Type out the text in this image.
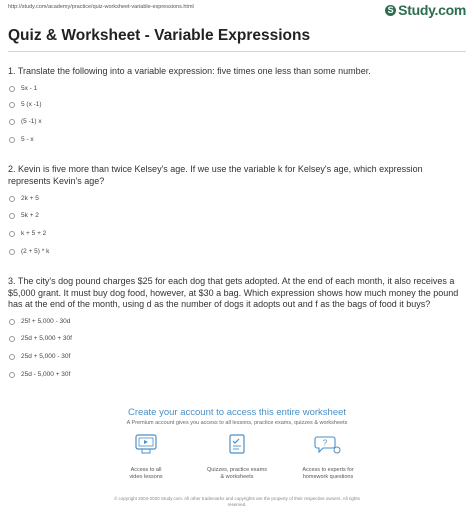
http://study.com/academy/practice/quiz-worksheet-variable-expressions.html	S Study.com
Quiz & Worksheet - Variable Expressions

1. Translate the following into a variable expression: five times one less than some number.

5x - 1
5 (x -1)
(5 -1) x
5 - x

2. Kevin is five more than twice Kelsey's age. If we use the variable k for Kelsey's age, which expression represents Kevin's age?

2k + 5
5k + 2
k + 5 + 2
(2 + 5) * k

3. The city's dog pound charges $25 for each dog that gets adopted. At the end of each month, it also receives a $5,000 grant. It must buy dog food, however, at $30 a bag. Which expression shows how much money the pound has at the end of the month, using d as the number of dogs it adopts out and f as the bags of food it buys?

25f + 5,000 - 30d
25d + 5,000 + 30f
25d + 5,000 - 30f
25d - 5,000 + 30f
Create your account to access this entire worksheet
A Premium account gives you access to all lessons, practice exams, quizzes & worksheets
Access to all
video lessons
Quizzes, practice exams
& worksheets
?
Access to experts for
homework questions
© copyright 2003-2020 Study.com. All other trademarks and copyrights are the property of their respective owners. All rights
reserved.
